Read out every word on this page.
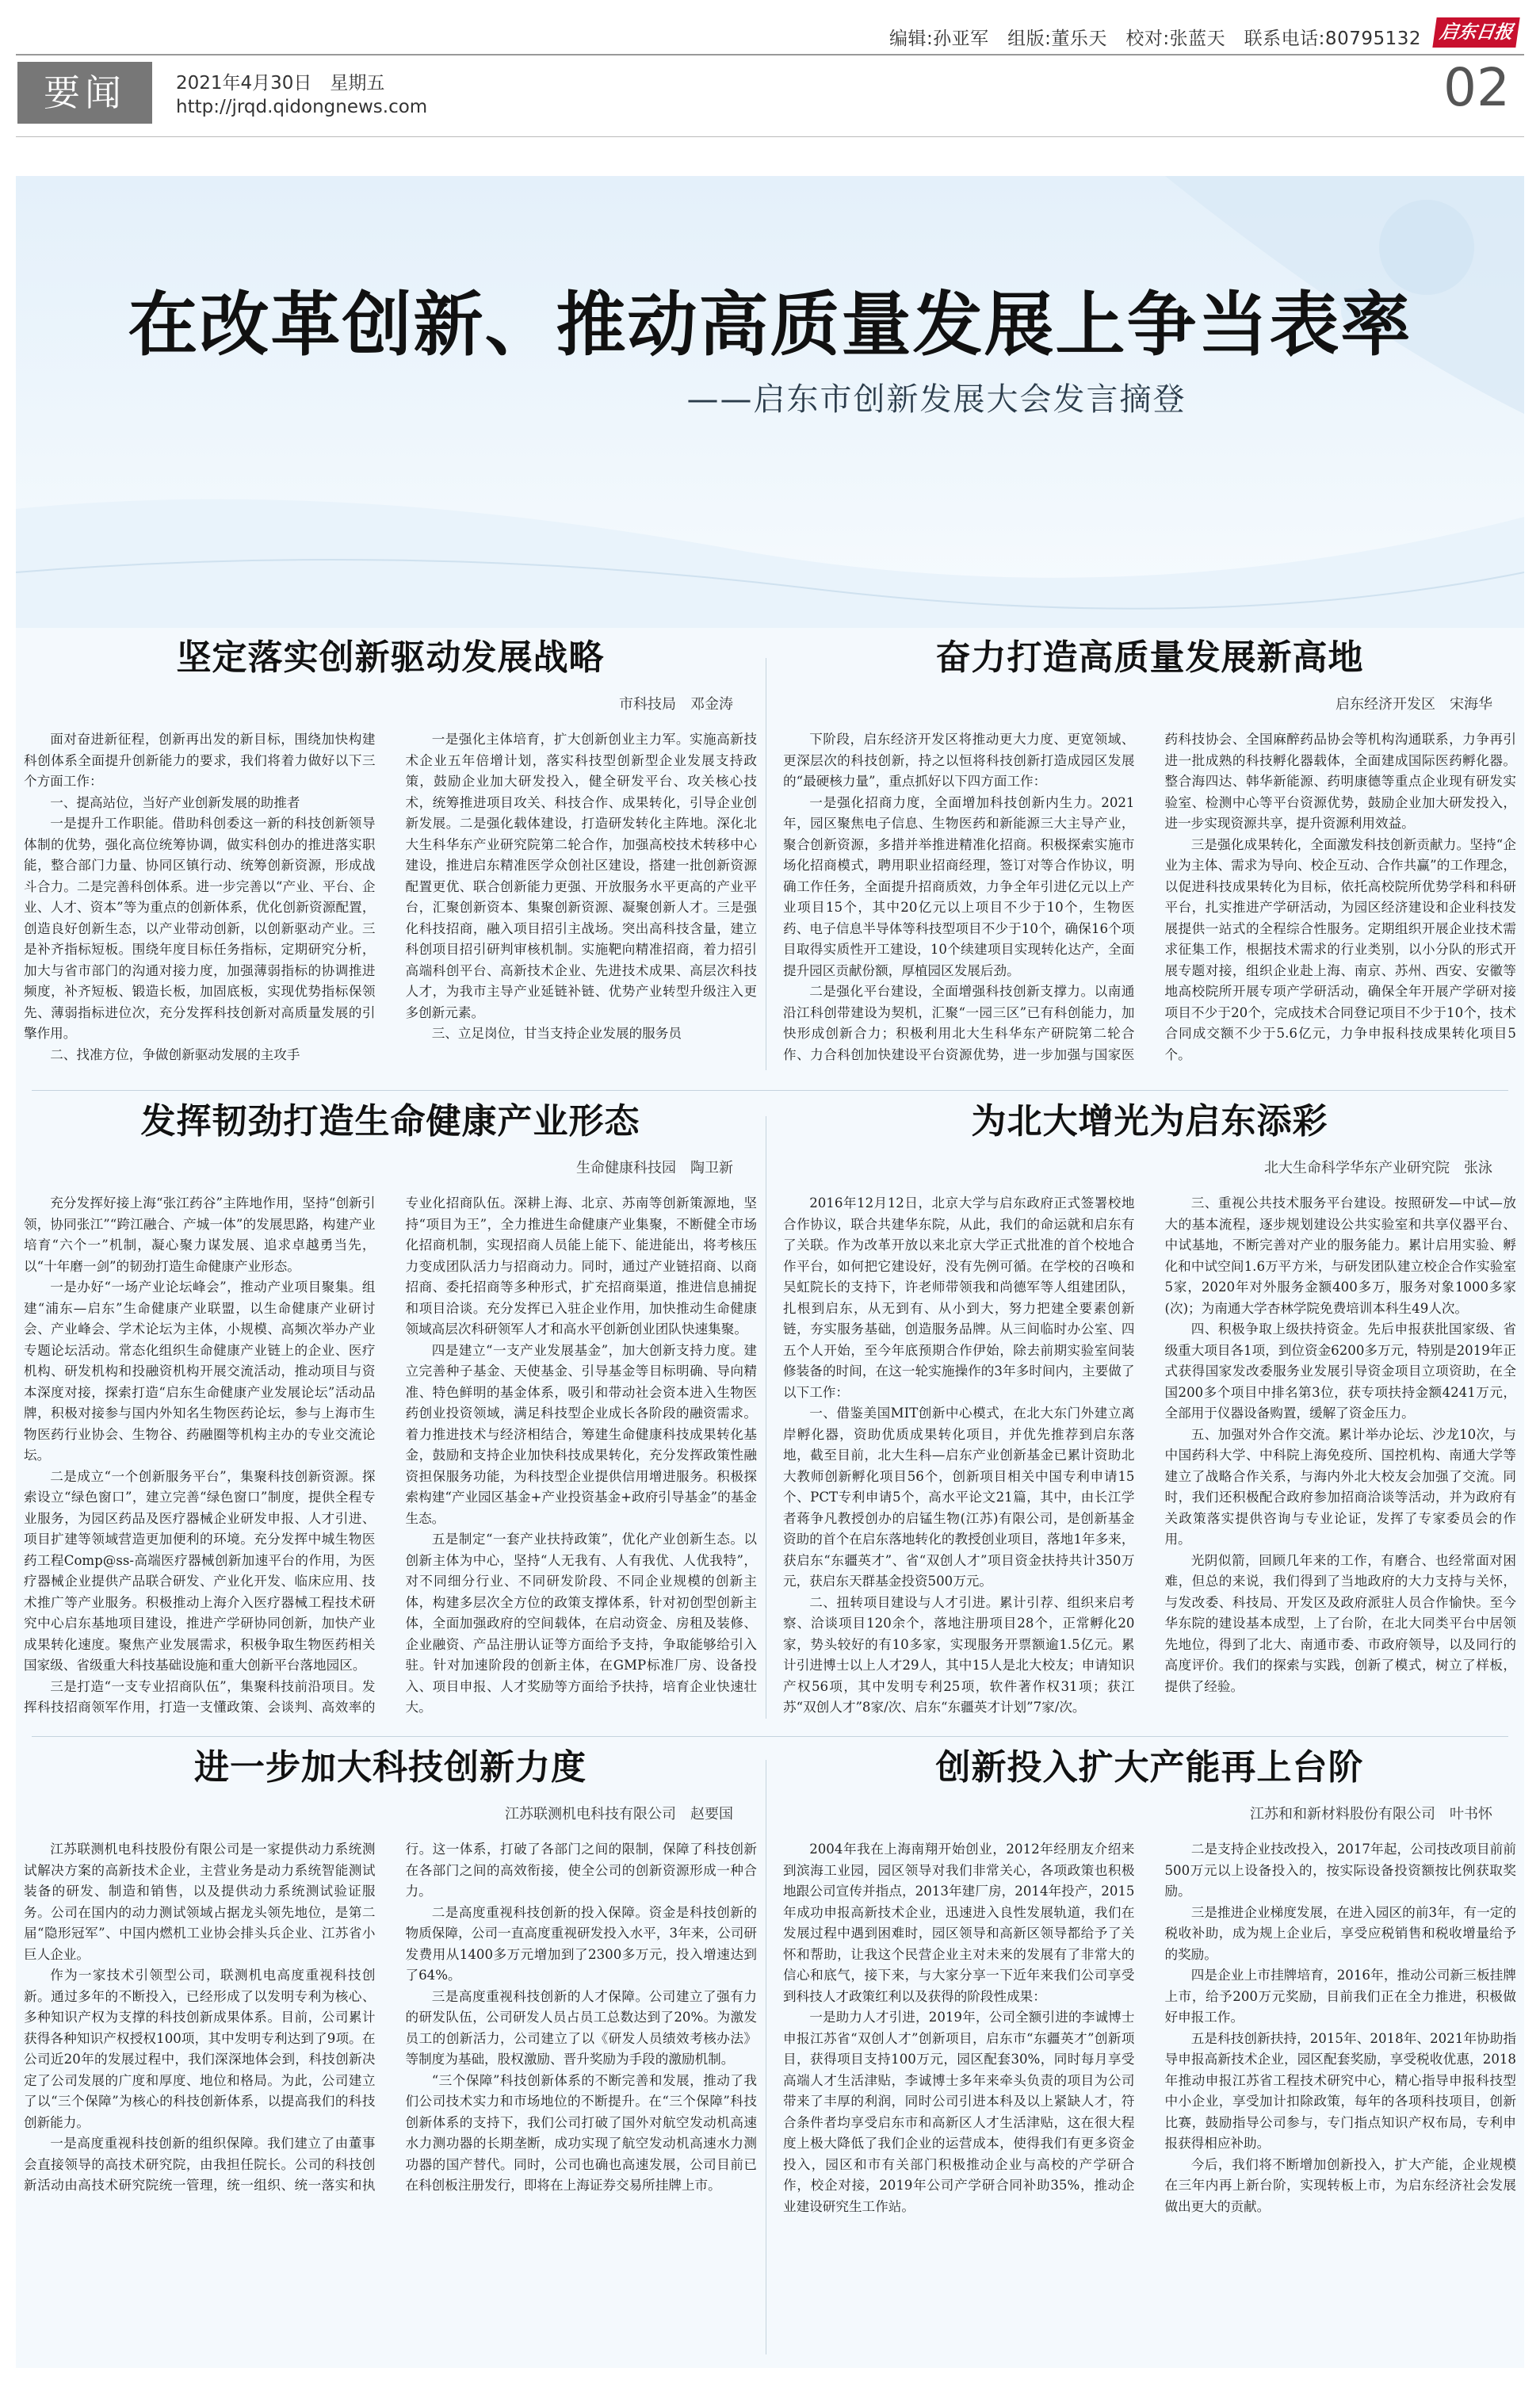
编辑:孙亚军　组版:董乐天　校对:张蓝天　联系电话:80795132 启东日报
要闻	2021年4月30日　星期五
http://jrqd.qidongnews.com	02
在改革创新、推动高质量发展上争当表率
——启东市创新发展大会发言摘登
坚定落实创新驱动发展战略
市科技局　邓金涛

面对奋进新征程，创新再出发的新目标，围绕加快构建科创体系全面提升创新能力的要求，我们将着力做好以下三个方面工作：

一、提高站位，当好产业创新发展的助推者

一是提升工作职能。借助科创委这一新的科技创新领导体制的优势，强化高位统筹协调，做实科创办的推进落实职能，整合部门力量、协同区镇行动、统筹创新资源，形成战斗合力。二是完善科创体系。进一步完善以“产业、平台、企业、人才、资本”等为重点的创新体系，优化创新资源配置，创造良好创新生态，以产业带动创新，以创新驱动产业。三是补齐指标短板。围绕年度目标任务指标，定期研究分析，加大与省市部门的沟通对接力度，加强薄弱指标的协调推进频度，补齐短板、锻造长板，加固底板，实现优势指标保领先、薄弱指标进位次，充分发挥科技创新对高质量发展的引擎作用。

二、找准方位，争做创新驱动发展的主攻手

一是强化主体培育，扩大创新创业主力军。实施高新技术企业五年倍增计划，落实科技型创新型企业发展支持政策，鼓励企业加大研发投入，健全研发平台、攻关核心技术，统筹推进项目攻关、科技合作、成果转化，引导企业创新发展。二是强化载体建设，打造研发转化主阵地。深化北大生科华东产业研究院第二轮合作，加强高校技术转移中心建设，推进启东精准医学众创社区建设，搭建一批创新资源配置更优、联合创新能力更强、开放服务水平更高的产业平台，汇聚创新资本、集聚创新资源、凝聚创新人才。三是强化科技招商，融入项目招引主战场。突出高科技含量，建立科创项目招引研判审核机制。实施靶向精准招商，着力招引高端科创平台、高新技术企业、先进技术成果、高层次科技人才，为我市主导产业延链补链、优势产业转型升级注入更多创新元素。

三、立足岗位，甘当支持企业发展的服务员

奋力打造高质量发展新高地
启东经济开发区　宋海华

下阶段，启东经济开发区将推动更大力度、更宽领域、更深层次的科技创新，持之以恒将科技创新打造成园区发展的“最硬核力量”，重点抓好以下四方面工作：

一是强化招商力度，全面增加科技创新内生力。2021年，园区聚焦电子信息、生物医药和新能源三大主导产业，聚合创新资源，多措并举推进精准化招商。积极探索实施市场化招商模式，聘用职业招商经理，签订对等合作协议，明确工作任务，全面提升招商质效，力争全年引进亿元以上产业项目15个，其中20亿元以上项目不少于10个，生物医药、电子信息半导体等科技型项目不少于10个，确保16个项目取得实质性开工建设，10个续建项目实现转化达产，全面提升园区贡献份额，厚植园区发展后劲。

二是强化平台建设，全面增强科技创新支撑力。以南通沿江科创带建设为契机，汇聚“一园三区”已有科创能力，加快形成创新合力；积极利用北大生科华东产研院第二轮合作、力合科创加快建设平台资源优势，进一步加强与国家医药科技协会、全国麻醉药品协会等机构沟通联系，力争再引进一批成熟的科技孵化器载体，全面建成国际医药孵化器。整合海四达、韩华新能源、药明康德等重点企业现有研发实验室、检测中心等平台资源优势，鼓励企业加大研发投入，进一步实现资源共享，提升资源利用效益。

三是强化成果转化，全面激发科技创新贡献力。坚持“企业为主体、需求为导向、校企互动、合作共赢”的工作理念，以促进科技成果转化为目标，依托高校院所优势学科和科研平台，扎实推进产学研活动，为园区经济建设和企业科技发展提供一站式的全程综合性服务。定期组织开展企业技术需求征集工作，根据技术需求的行业类别，以小分队的形式开展专题对接，组织企业赴上海、南京、苏州、西安、安徽等地高校院所开展专项产学研活动，确保全年开展产学研对接项目不少于20个，完成技术合同登记项目不少于10个，技术合同成交额不少于5.6亿元，力争申报科技成果转化项目5个。

发挥韧劲打造生命健康产业形态
生命健康科技园　陶卫新

充分发挥好接上海“张江药谷”主阵地作用，坚持“创新引领，协同张江”“跨江融合、产城一体”的发展思路，构建产业培育“六个一”机制，凝心聚力谋发展、追求卓越勇当先，以“十年磨一剑”的韧劲打造生命健康产业形态。

一是办好“一场产业论坛峰会”，推动产业项目聚集。组建“浦东—启东”生命健康产业联盟，以生命健康产业研讨会、产业峰会、学术论坛为主体，小规模、高频次举办产业专题论坛活动。常态化组织生命健康产业链上的企业、医疗机构、研发机构和投融资机构开展交流活动，推动项目与资本深度对接，探索打造“启东生命健康产业发展论坛”活动品牌，积极对接参与国内外知名生物医药论坛，参与上海市生物医药行业协会、生物谷、药融圈等机构主办的专业交流论坛。

二是成立“一个创新服务平台”，集聚科技创新资源。探索设立“绿色窗口”，建立完善“绿色窗口”制度，提供全程专业服务，为园区药品及医疗器械企业研发申报、人才引进、项目扩建等领域营造更加便利的环境。充分发挥中城生物医药工程Comp@ss-高端医疗器械创新加速平台的作用，为医疗器械企业提供产品联合研发、产业化开发、临床应用、技术推广等产业服务。积极推动上海介入医疗器械工程技术研究中心启东基地项目建设，推进产学研协同创新，加快产业成果转化速度。聚焦产业发展需求，积极争取生物医药相关国家级、省级重大科技基础设施和重大创新平台落地园区。

三是打造“一支专业招商队伍”，集聚科技前沿项目。发挥科技招商领军作用，打造一支懂政策、会谈判、高效率的专业化招商队伍。深耕上海、北京、苏南等创新策源地，坚持“项目为王”，全力推进生命健康产业集聚，不断健全市场化招商机制，实现招商人员能上能下、能进能出，将考核压力变成团队活力与招商动力。同时，通过产业链招商、以商招商、委托招商等多种形式，扩充招商渠道，推进信息捕捉和项目洽谈。充分发挥已入驻企业作用，加快推动生命健康领域高层次科研领军人才和高水平创新创业团队快速集聚。

四是建立“一支产业发展基金”，加大创新支持力度。建立完善种子基金、天使基金、引导基金等目标明确、导向精准、特色鲜明的基金体系，吸引和带动社会资本进入生物医药创业投资领域，满足科技型企业成长各阶段的融资需求。着力推进技术与经济相结合，筹建生命健康科技成果转化基金，鼓励和支持企业加快科技成果转化，充分发挥政策性融资担保服务功能，为科技型企业提供信用增进服务。积极探索构建“产业园区基金+产业投资基金+政府引导基金”的基金生态。

五是制定“一套产业扶持政策”，优化产业创新生态。以创新主体为中心，坚持“人无我有、人有我优、人优我特”，对不同细分行业、不同研发阶段、不同企业规模的创新主体，构建多层次全方位的政策支撑体系，针对初创型创新主体，全面加强政府的空间载体，在启动资金、房租及装修、企业融资、产品注册认证等方面给予支持，争取能够给引入驻。针对加速阶段的创新主体，在GMP标准厂房、设备投入、项目申报、人才奖励等方面给予扶持，培育企业快速壮大。

为北大增光为启东添彩
北大生命科学华东产业研究院　张泳

2016年12月12日，北京大学与启东政府正式签署校地合作协议，联合共建华东院，从此，我们的命运就和启东有了关联。作为改革开放以来北京大学正式批准的首个校地合作平台，如何把它建设好，没有先例可循。在学校的召唤和吴虹院长的支持下，许老师带领我和尚德军等人组建团队，扎根到启东，从无到有、从小到大，努力把建全要素创新链，夯实服务基础，创造服务品牌。从三间临时办公室、四五个人开始，至今年底预期合作伊始，除去前期实验室间装修装备的时间，在这一轮实施操作的3年多时间内，主要做了以下工作：

一、借鉴美国MIT创新中心模式，在北大东门外建立离岸孵化器，资助优质成果转化项目，并优先推荐到启东落地，截至目前，北大生科—启东产业创新基金已累计资助北大教师创新孵化项目56个，创新项目相关中国专利申请15个、PCT专利申请5个，高水平论文21篇，其中，由长江学者蒋争凡教授创办的启锰生物(江苏)有限公司，是创新基金资助的首个在启东落地转化的教授创业项目，落地1年多来，获启东“东疆英才”、省“双创人才”项目资金扶持共计350万元，获启东天群基金投资500万元。

二、扭转项目建设与人才引进。累计引荐、组织来启考察、洽谈项目120余个，落地注册项目28个，正常孵化20家，势头较好的有10多家，实现服务开票额逾1.5亿元。累计引进博士以上人才29人，其中15人是北大校友；申请知识产权56项，其中发明专利25项，软件著作权31项；获江苏“双创人才”8家/次、启东“东疆英才计划”7家/次。

三、重视公共技术服务平台建设。按照研发—中试—放大的基本流程，逐步规划建设公共实验室和共享仪器平台、中试基地，不断完善对产业的服务能力。累计启用实验、孵化和中试空间1.6万平方米，与研发团队建立校企合作实验室5家，2020年对外服务金额400多万，服务对象1000多家(次)；为南通大学杏林学院免费培训本科生49人次。

四、积极争取上级扶持资金。先后申报获批国家级、省级重大项目各1项，到位资金6200多万元，特别是2019年正式获得国家发改委服务业发展引导资金项目立项资助，在全国200多个项目中排名第3位，获专项扶持金额4241万元，全部用于仪器设备购置，缓解了资金压力。

五、加强对外合作交流。累计举办论坛、沙龙10次，与中国药科大学、中科院上海免疫所、国控机构、南通大学等建立了战略合作关系，与海内外北大校友会加强了交流。同时，我们还积极配合政府参加招商洽谈等活动，并为政府有关政策落实提供咨询与专业论证，发挥了专家委员会的作用。

光阴似箭，回顾几年来的工作，有磨合、也经常面对困难，但总的来说，我们得到了当地政府的大力支持与关怀，与发改委、科技局、开发区及政府派驻人员合作愉快。至今华东院的建设基本成型，上了台阶，在北大同类平台中居领先地位，得到了北大、南通市委、市政府领导，以及同行的高度评价。我们的探索与实践，创新了模式，树立了样板，提供了经验。

进一步加大科技创新力度
江苏联测机电科技有限公司　赵要国

江苏联测机电科技股份有限公司是一家提供动力系统测试解决方案的高新技术企业，主营业务是动力系统智能测试装备的研发、制造和销售，以及提供动力系统测试验证服务。公司在国内的动力测试领域占据龙头领先地位，是第二届“隐形冠军”、中国内燃机工业协会排头兵企业、江苏省小巨人企业。

作为一家技术引领型公司，联测机电高度重视科技创新。通过多年的不断投入，已经形成了以发明专利为核心、多种知识产权为支撑的科技创新成果体系。目前，公司累计获得各种知识产权授权100项，其中发明专利达到了9项。在公司近20年的发展过程中，我们深深地体会到，科技创新决定了公司发展的广度和厚度、地位和格局。为此，公司建立了以“三个保障”为核心的科技创新体系，以提高我们的科技创新能力。

一是高度重视科技创新的组织保障。我们建立了由董事会直接领导的高技术研究院，由我担任院长。公司的科技创新活动由高技术研究院统一管理，统一组织、统一落实和执行。这一体系，打破了各部门之间的限制，保障了科技创新在各部门之间的高效衔接，使全公司的创新资源形成一种合力。

二是高度重视科技创新的投入保障。资金是科技创新的物质保障，公司一直高度重视研发投入水平，3年来，公司研发费用从1400多万元增加到了2300多万元，投入增速达到了64%。

三是高度重视科技创新的人才保障。公司建立了强有力的研发队伍，公司研发人员占员工总数达到了20%。为激发员工的创新活力，公司建立了以《研发人员绩效考核办法》等制度为基础，股权激励、晋升奖励为手段的激励机制。

“三个保障”科技创新体系的不断完善和发展，推动了我们公司技术实力和市场地位的不断提升。在“三个保障”科技创新体系的支持下，我们公司打破了国外对航空发动机高速水力测功器的长期垄断，成功实现了航空发动机高速水力测功器的国产替代。同时，公司也确也高速发展，公司目前已在科创板注册发行，即将在上海证券交易所挂牌上市。

创新投入扩大产能再上台阶
江苏和和新材料股份有限公司　叶书怀

2004年我在上海南翔开始创业，2012年经朋友介绍来到滨海工业园，园区领导对我们非常关心，各项政策也积极地跟公司宣传并指点，2013年建厂房，2014年投产，2015年成功申报高新技术企业，迅速进入良性发展轨道，我们在发展过程中遇到困难时，园区领导和高新区领导都给予了关怀和帮助，让我这个民营企业主对未来的发展有了非常大的信心和底气，接下来，与大家分享一下近年来我们公司享受到科技人才政策红利以及获得的阶段性成果：

一是助力人才引进，2019年，公司全额引进的李诚博士申报江苏省“双创人才”创新项目，启东市“东疆英才”创新项目，获得项目支持100万元，园区配套30%，同时每月享受高端人才生活津贴，李诚博士多年来牵头负责的项目为公司带来了丰厚的利润，同时公司引进本科及以上紧缺人才，符合条件者均享受启东市和高新区人才生活津贴，这在很大程度上极大降低了我们企业的运营成本，使得我们有更多资金投入，园区和市有关部门积极推动企业与高校的产学研合作，校企对接，2019年公司产学研合同补助35%，推动企业建设研究生工作站。

二是支持企业技改投入，2017年起，公司技改项目前前500万元以上设备投入的，按实际设备投资额按比例获取奖励。

三是推进企业梯度发展，在进入园区的前3年，有一定的税收补助，成为规上企业后，享受应税销售和税收增量给予的奖励。

四是企业上市挂牌培育，2016年，推动公司新三板挂牌上市，给予200万元奖励，目前我们正在全力推进，积极做好申报工作。

五是科技创新扶持，2015年、2018年、2021年协助指导申报高新技术企业，园区配套奖励，享受税收优惠，2018年推动申报江苏省工程技术研究中心，精心指导申报科技型中小企业，享受加计扣除政策，每年的各项科技项目，创新比赛，鼓励指导公司参与，专门指点知识产权布局，专利申报获得相应补助。

今后，我们将不断增加创新投入，扩大产能，企业规模在三年内再上新台阶，实现转板上市，为启东经济社会发展做出更大的贡献。
